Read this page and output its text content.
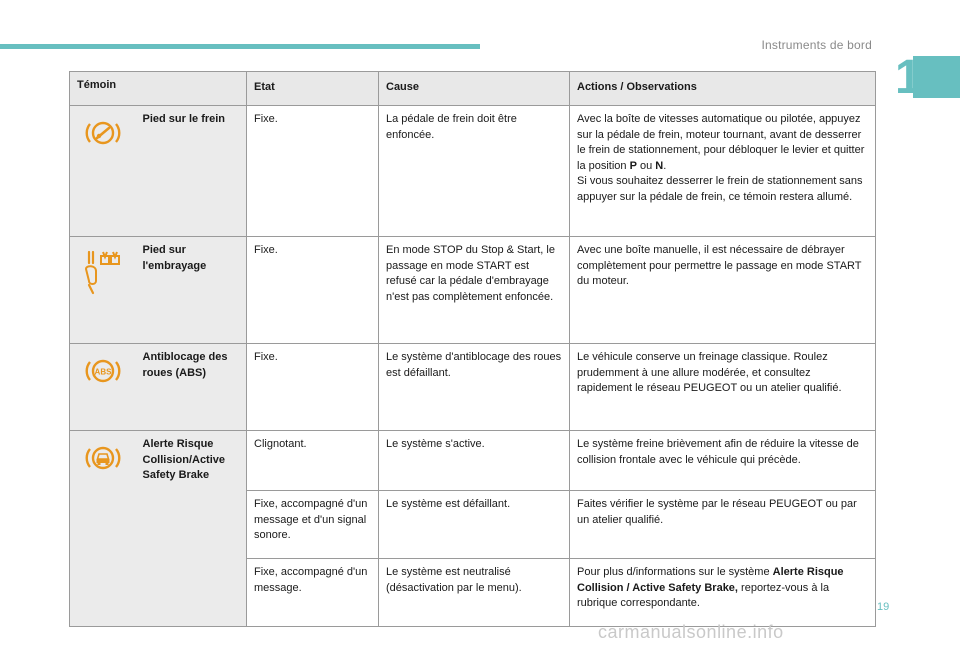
Instruments de bord
1
Témoin		Etat	Cause	Actions / Observations
	Pied sur le frein	Fixe.	La pédale de frein doit être enfoncée.	Avec la boîte de vitesses automatique ou pilotée, appuyez sur la pédale de frein, moteur tournant, avant de desserrer le frein de stationnement, pour débloquer le levier et quitter la position P ou N.
Si vous souhaitez desserrer le frein de stationnement sans appuyer sur la pédale de frein, ce témoin restera allumé.
	Pied sur l'embrayage	Fixe.	En mode STOP du Stop & Start, le passage en mode START est refusé car la pédale d'embrayage n'est pas complètement enfoncée.	Avec une boîte manuelle, il est nécessaire de débrayer complètement pour permettre le passage en mode START du moteur.

ABS	Antiblocage des roues (ABS)	Fixe.	Le système d'antiblocage des roues est défaillant.	Le véhicule conserve un freinage classique. Roulez prudemment à une allure modérée, et consultez rapidement le réseau PEUGEOT ou un atelier qualifié.
	Alerte Risque Collision/Active Safety Brake	Clignotant.	Le système s'active.	Le système freine brièvement afin de réduire la vitesse de collision frontale avec le véhicule qui précède.
		Fixe, accompagné d'un message et d'un signal sonore.	Le système est défaillant.	Faites vérifier le système par le réseau PEUGEOT ou par un atelier qualifié.
		Fixe, accompagné d'un message.	Le système est neutralisé (désactivation par le menu).	Pour plus d/informations sur le système Alerte Risque Collision / Active Safety Brake, reportez-vous à la rubrique correspondante.	19
carmanualsonline.info
